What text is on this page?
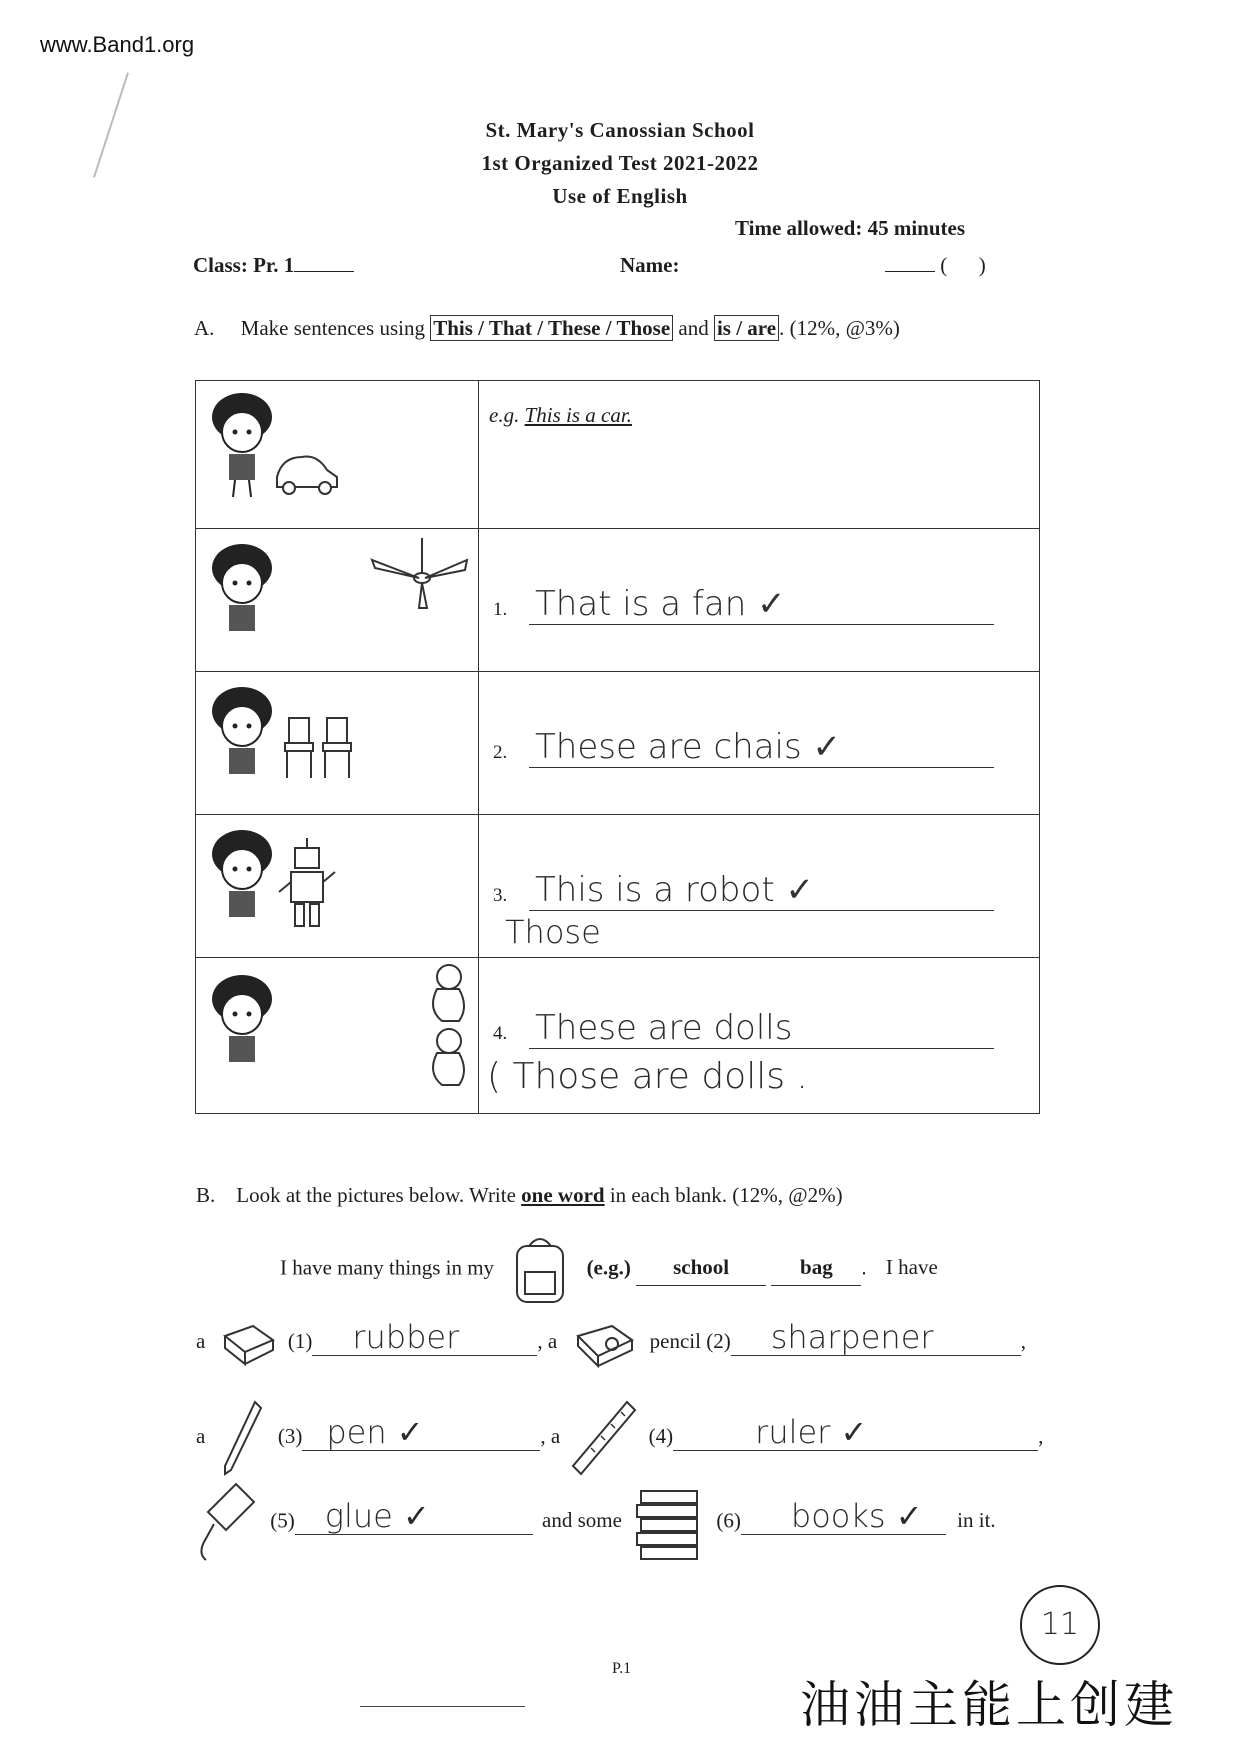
www.Band1.org
St. Mary's Canossian School
1st Organized Test 2021-2022
Use of English
Time allowed: 45 minutes
Class: Pr. 1	Name:	(      )
A. Make sentences using This / That / These / Those and is / are . (12%, @3%)

e.g. This is a car.

1. That is a fan ✓

2. These are chais ✓

3. This is a robot ✓
Those

4. These are dolls
( Those are dolls .
B. Look at the pictures below. Write one word in each blank. (12%, @2%)
I have many things in my	(e.g.) school	bag . I have
a	(1) rubber	, a	pencil (2) sharpener	,
a	(3) pen ✓	, a	(4)	ruler ✓	,
(5) glue ✓	and some	(6) books ✓ in it.
11
P.1
油油主能上创建
